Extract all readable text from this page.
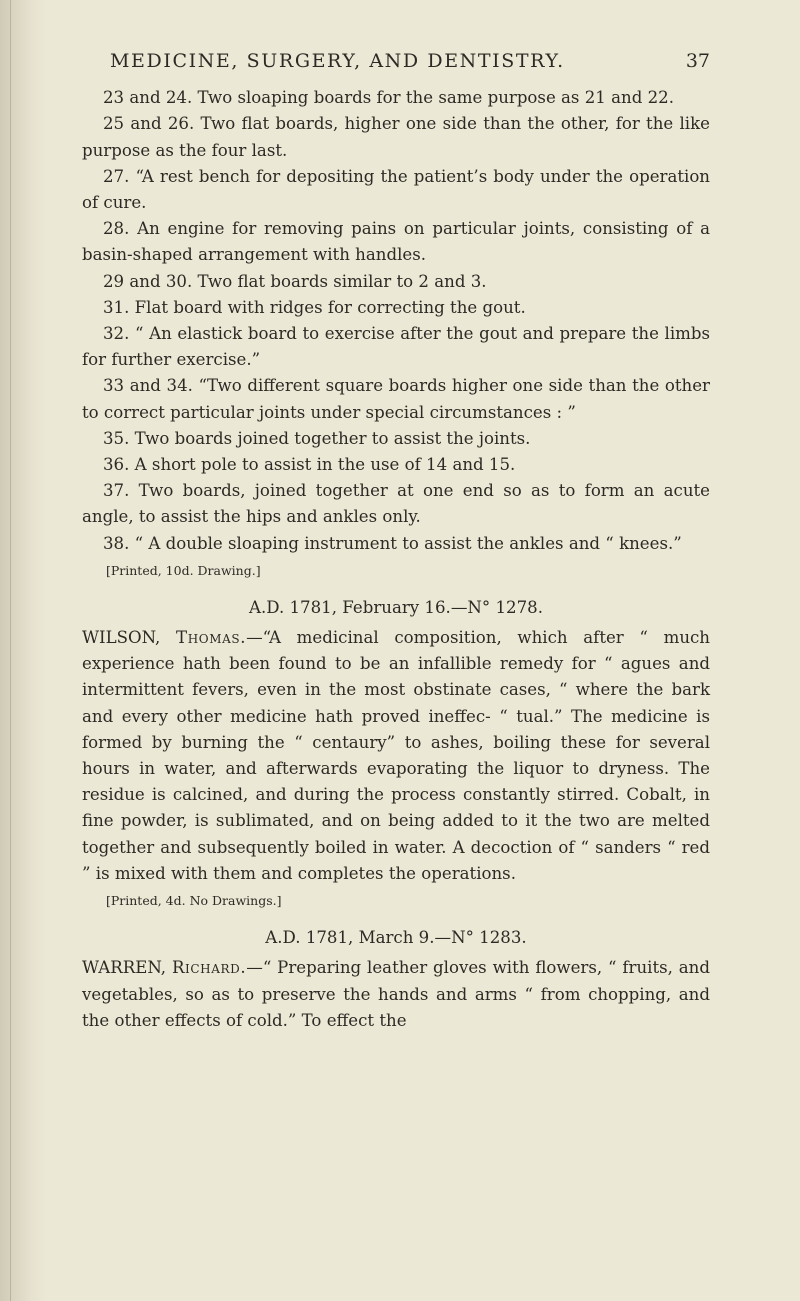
MEDICINE, SURGERY, AND DENTISTRY.	37

23 and 24. Two sloaping boards for the same purpose as 21 and 22.

25 and 26. Two flat boards, higher one side than the other, for the like purpose as the four last.

27. “A rest bench for depositing the patient’s body under the operation of cure.

28. An engine for removing pains on particular joints, consisting of a basin-shaped arrangement with handles.

29 and 30. Two flat boards similar to 2 and 3.

31. Flat board with ridges for correcting the gout.

32. “ An elastick board to exercise after the gout and prepare the limbs for further exercise.”

33 and 34. “Two different square boards higher one side than the other to correct particular joints under special circumstances : ”

35. Two boards joined together to assist the joints.

36. A short pole to assist in the use of 14 and 15.

37. Two boards, joined together at one end so as to form an acute angle, to assist the hips and ankles only.

38. “ A double sloaping instrument to assist the ankles and “ knees.”

[Printed, 10d. Drawing.]

A.D. 1781, February 16.—N° 1278.

WILSON, Thomas.—“A medicinal composition, which after “ much experience hath been found to be an infallible remedy for “ agues and intermittent fevers, even in the most obstinate cases, “ where the bark and every other medicine hath proved ineffec- “ tual.” The medicine is formed by burning the “ centaury” to ashes, boiling these for several hours in water, and afterwards evaporating the liquor to dryness. The residue is calcined, and during the process constantly stirred. Cobalt, in fine powder, is sublimated, and on being added to it the two are melted together and subsequently boiled in water. A decoction of “ sanders “ red ” is mixed with them and completes the operations.

[Printed, 4d. No Drawings.]

A.D. 1781, March 9.—N° 1283.

WARREN, Richard.—“ Preparing leather gloves with flowers, “ fruits, and vegetables, so as to preserve the hands and arms “ from chopping, and the other effects of cold.” To effect the
